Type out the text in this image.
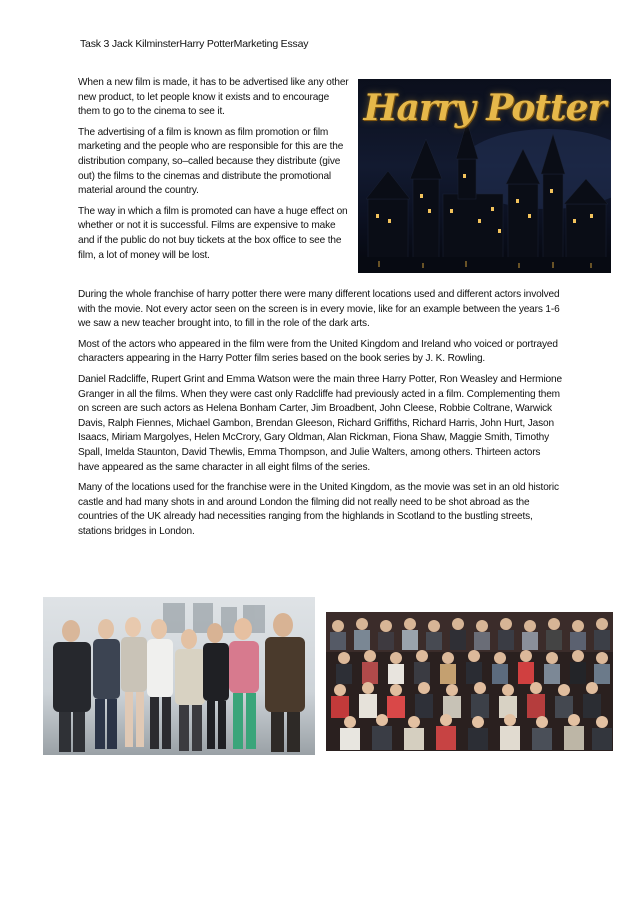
Task 3 Jack KilminsterHarry PotterMarketing Essay

When a new film is made, it has to be advertised like any other new product, to let people know it exists and to encourage them to go to the cinema to see it.

The advertising of a film is known as film promotion or film marketing and the people who are responsible for this are the distribution company, so–called because they distribute (give out) the films to the cinemas and distribute the promotional material around the country.

The way in which a film is promoted can have a huge effect on whether or not it is successful. Films are expensive to make and if the public do not buy tickets at the box office to see the film, a lot of money will be lost.

Harry Potter

During the whole franchise of harry potter there were many different locations used and different actors involved with the movie. Not every actor seen on the screen is in every movie, like for an example between the years 1-6 we saw a new teacher brought into, to fill in the role of the dark arts.

Most of the actors who appeared in the film were from the United Kingdom and Ireland who voiced or portrayed characters appearing in the Harry Potter film series based on the book series by J. K. Rowling.

Daniel Radcliffe, Rupert Grint and Emma Watson were the main three Harry Potter, Ron Weasley and Hermione Granger in all the films. When they were cast only Radcliffe had previously acted in a film. Complementing them on screen are such actors as Helena Bonham Carter, Jim Broadbent, John Cleese, Robbie Coltrane, Warwick Davis, Ralph Fiennes, Michael Gambon, Brendan Gleeson, Richard Griffiths, Richard Harris, John Hurt, Jason Isaacs, Miriam Margolyes, Helen McCrory, Gary Oldman, Alan Rickman, Fiona Shaw, Maggie Smith, Timothy Spall, Imelda Staunton, David Thewlis, Emma Thompson, and Julie Walters, among others. Thirteen actors have appeared as the same character in all eight films of the series.

Many of the locations used for the franchise were in the United Kingdom, as the movie was set in an old historic castle and had many shots in and around London the filming did not really need to be shot abroad as the countries of the UK already had necessities ranging from the highlands in Scotland to the bustling streets, stations bridges in London.
